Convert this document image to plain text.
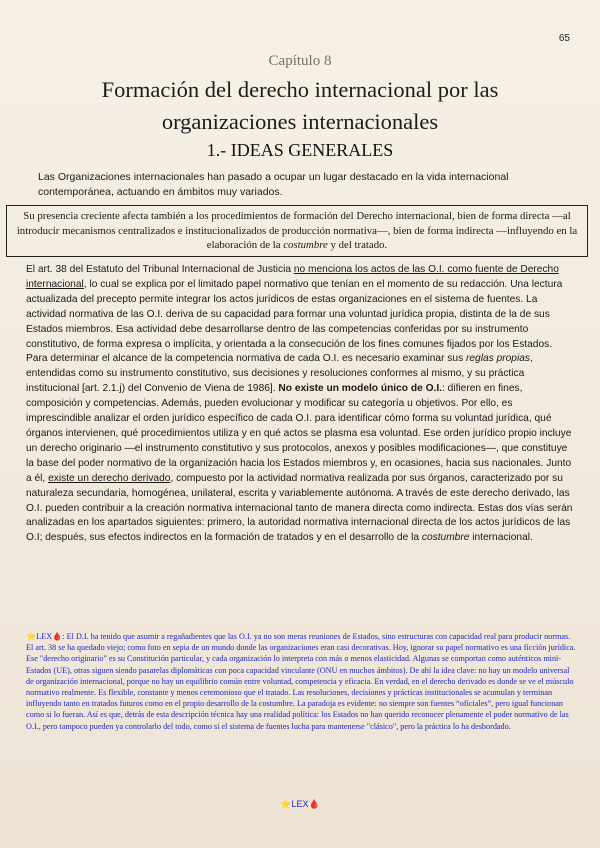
65
Capítulo 8
Formación del derecho internacional por las organizaciones internacionales
1.- IDEAS GENERALES
Las Organizaciones internacionales han pasado a ocupar un lugar destacado en la vida internacional contemporánea, actuando en ámbitos muy variados.
Su presencia creciente afecta también a los procedimientos de formación del Derecho internacional, bien de forma directa —al introducir mecanismos centralizados e institucionalizados de producción normativa—, bien de forma indirecta —influyendo en la elaboración de la costumbre y del tratado.

El art. 38 del Estatuto del Tribunal Internacional de Justicia no menciona los actos de las O.I. como fuente de Derecho internacional, lo cual se explica por el limitado papel normativo que tenían en el momento de su redacción. Una lectura actualizada del precepto permite integrar los actos jurídicos de estas organizaciones en el sistema de fuentes. La actividad normativa de las O.I. deriva de su capacidad para formar una voluntad jurídica propia, distinta de la de sus Estados miembros. Esa actividad debe desarrollarse dentro de las competencias conferidas por su instrumento constitutivo, de forma expresa o implícita, y orientada a la consecución de los fines comunes fijados por los Estados.

Para determinar el alcance de la competencia normativa de cada O.I. es necesario examinar sus reglas propias, entendidas como su instrumento constitutivo, sus decisiones y resoluciones conformes al mismo, y su práctica institucional [art. 2.1.j) del Convenio de Viena de 1986]. No existe un modelo único de O.I.: difieren en fines, composición y competencias. Además, pueden evolucionar y modificar su categoría u objetivos. Por ello, es imprescindible analizar el orden jurídico específico de cada O.I. para identificar cómo forma su voluntad jurídica, qué órganos intervienen, qué procedimientos utiliza y en qué actos se plasma esa voluntad. Ese orden jurídico propio incluye un derecho originario —el instrumento constitutivo y sus protocolos, anexos y posibles modificaciones—, que constituye la base del poder normativo de la organización hacia los Estados miembros y, en ocasiones, hacia sus nacionales. Junto a él, existe un derecho derivado, compuesto por la actividad normativa realizada por sus órganos, caracterizado por su naturaleza secundaria, homogénea, unilateral, escrita y variablemente autónoma. A través de este derecho derivado, las O.I. pueden contribuir a la creación normativa internacional tanto de manera directa como indirecta. Estas dos vías serán analizadas en los apartados siguientes: primero, la autoridad normativa internacional directa de los actos jurídicos de las O.I; después, sus efectos indirectos en la formación de tratados y en el desarrollo de la costumbre internacional.

⭐LEX🩸: El D.I. ha tenido que asumir a regañadientes que las O.I. ya no son meras reuniones de Estados, sino estructuras con capacidad real para producir normas. El art. 38 se ha quedado viejo; como foto en sepia de un mundo donde las organizaciones eran casi decorativas. Hoy, ignorar su papel normativo es una ficción jurídica. Ese "derecho originario" es su Constitución particular, y cada organización lo interpreta con más o menos elasticidad. Algunas se comportan como auténticos mini-Estados (UE), otras siguen siendo pasarelas diplomáticas con poca capacidad vinculante (ONU en muchos ámbitos). De ahí la idea clave: no hay un modelo universal de organización internacional, porque no hay un equilibrio común entre voluntad, competencia y eficacia. En verdad, en el derecho derivado es donde se ve el músculo normativo realmente. Es flexible, constante y menos ceremonioso que el tratado. Las resoluciones, decisiones y prácticas institucionales se acumulan y terminan influyendo tanto en tratados futuros como en el propio desarrollo de la costumbre. La paradoja es evidente: no siempre son fuentes “oficiales”, pero igual funcionan como si lo fueran. Así es que, detrás de esta descripción técnica hay una realidad política: los Estados no han querido reconocer plenamente el poder normativo de las O.I., pero tampoco pueden ya controlarlo del todo, como si el sistema de fuentes lucha para mantenerse "clásico", pero la práctica lo ha desbordado.
⭐LEX🩸
